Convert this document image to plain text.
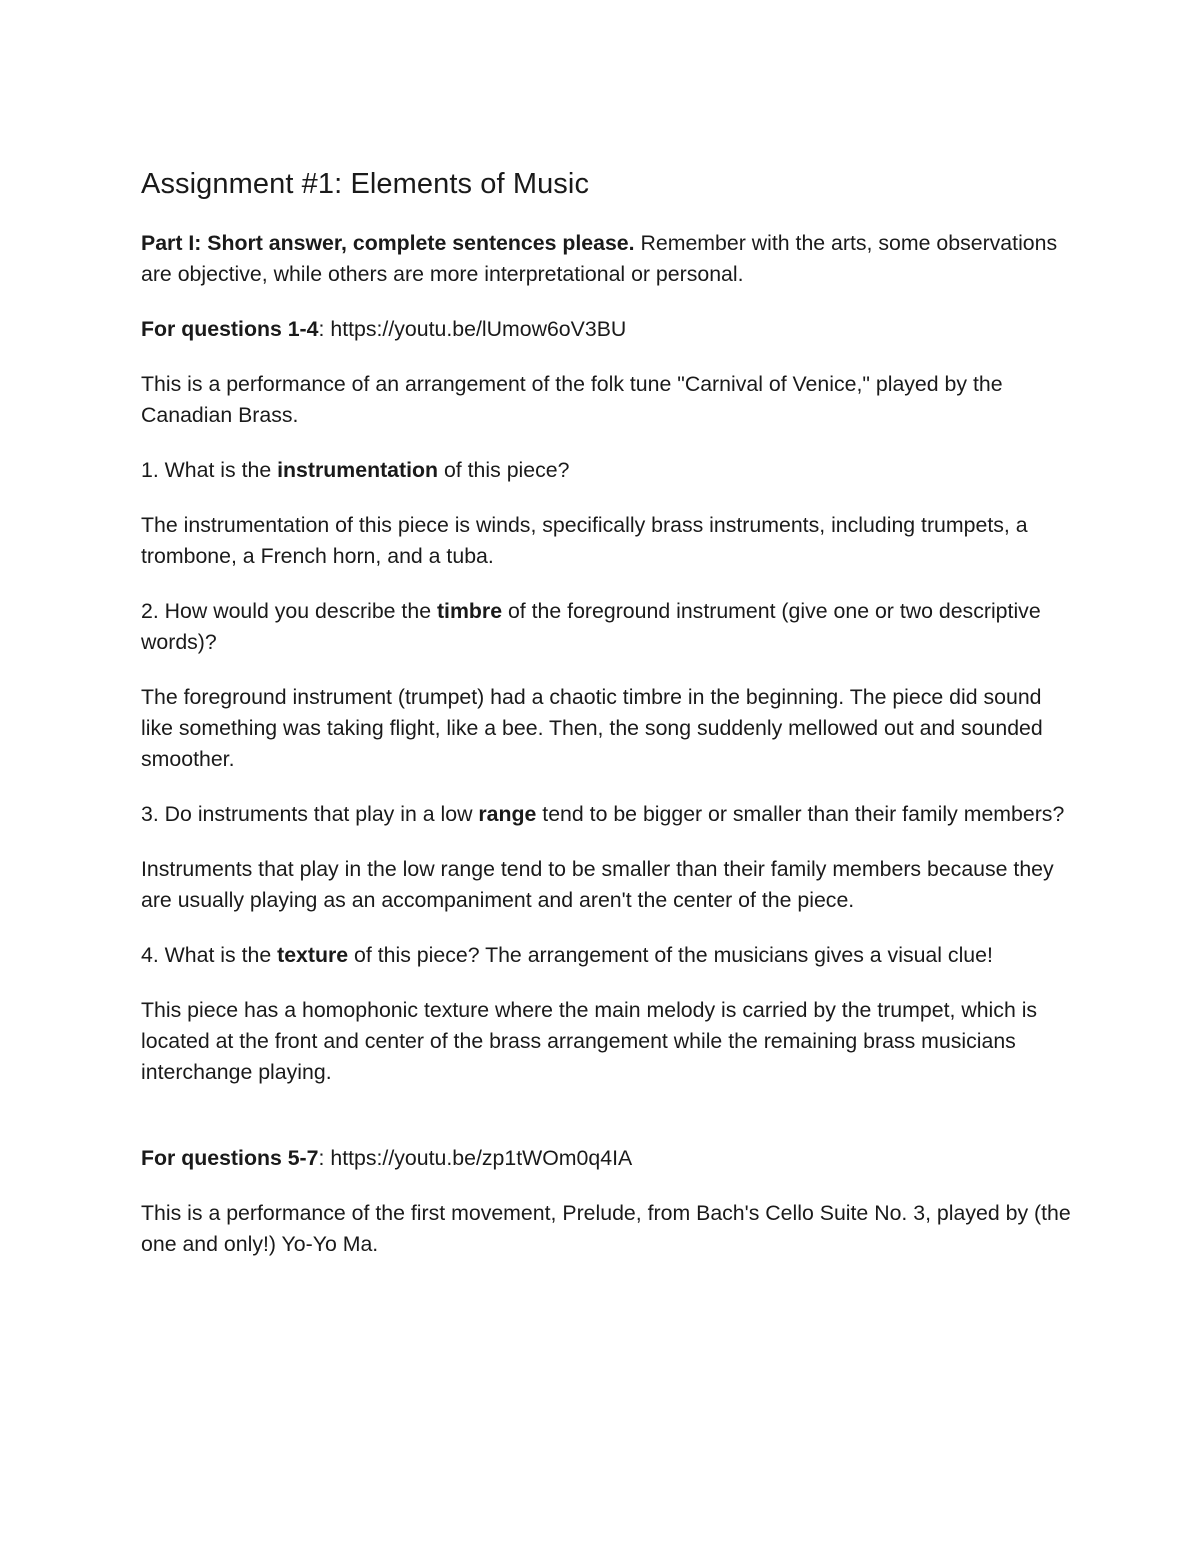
Assignment #1: Elements of Music

Part I: Short answer, complete sentences please. Remember with the arts, some observations are objective, while others are more interpretational or personal.

For questions 1-4: https://youtu.be/lUmow6oV3BU

This is a performance of an arrangement of the folk tune "Carnival of Venice," played by the Canadian Brass.

1. What is the instrumentation of this piece?

The instrumentation of this piece is winds, specifically brass instruments, including trumpets, a trombone, a French horn, and a tuba.

2. How would you describe the timbre of the foreground instrument (give one or two descriptive words)?

The foreground instrument (trumpet) had a chaotic timbre in the beginning. The piece did sound like something was taking flight, like a bee. Then, the song suddenly mellowed out and sounded smoother.

3. Do instruments that play in a low range tend to be bigger or smaller than their family members?

Instruments that play in the low range tend to be smaller than their family members because they are usually playing as an accompaniment and aren't the center of the piece.

4. What is the texture of this piece? The arrangement of the musicians gives a visual clue!

This piece has a homophonic texture where the main melody is carried by the trumpet, which is located at the front and center of the brass arrangement while the remaining brass musicians interchange playing.

For questions 5-7: https://youtu.be/zp1tWOm0q4IA

This is a performance of the first movement, Prelude, from Bach's Cello Suite No. 3, played by (the one and only!) Yo-Yo Ma.
